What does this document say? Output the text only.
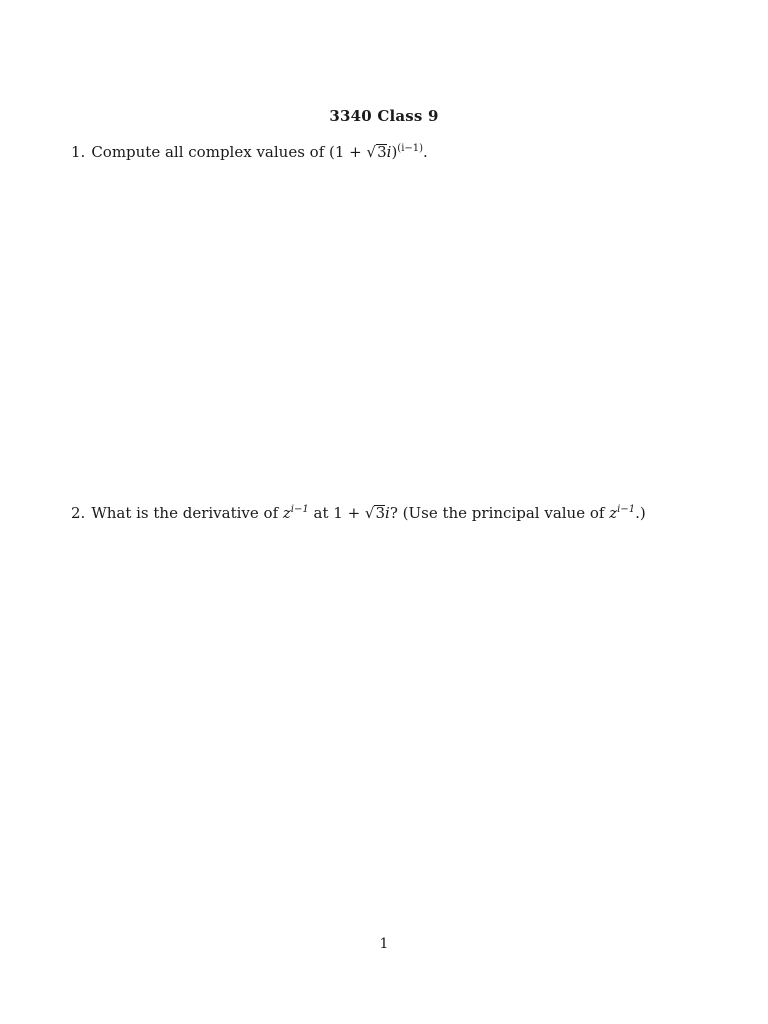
3340 Class 9
1. Compute all complex values of $(1 + √3i)^{(i-1)}$.
2. What is the derivative of $z^{i-1}$ at 1 + √3i? (Use the principal value of $z^{i-1}$.)
1
